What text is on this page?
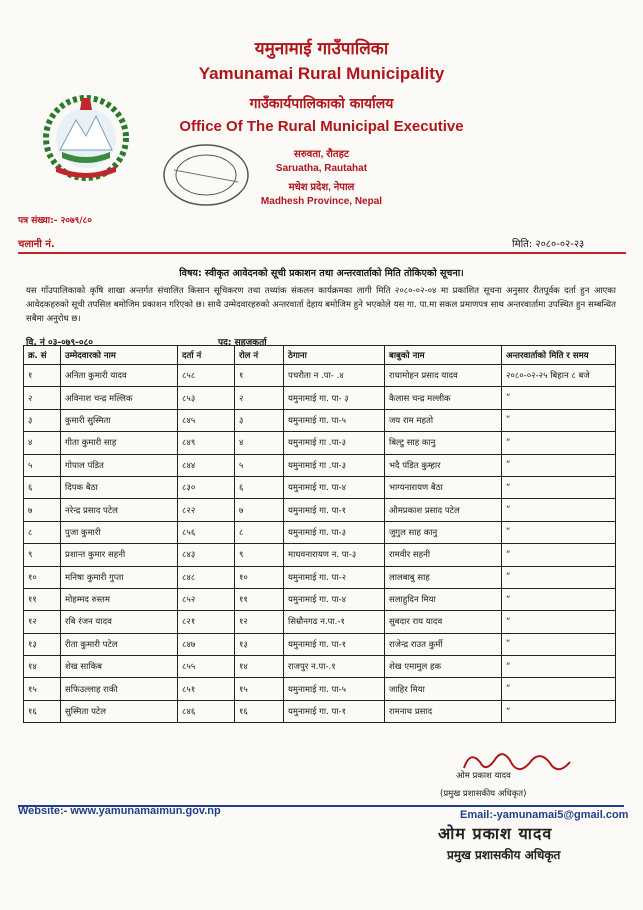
यमुनामाई गाउँपालिका
Yamunamai Rural Municipality
गाउँकार्यपालिकाको कार्यालय
Office Of The Rural Municipal Executive
सरुवता, रौतहट
Saruatha, Rautahat
मधेश प्रदेश, नेपाल
Madhesh Province, Nepal
पत्र संख्या:- २०७९/८०
चलानी नं.	मिति: २०८०-०२-२३
विषय: स्वीकृत आवेदनको सूची प्रकाशन तथा अन्तरवार्ताको मिति तोकिएको सूचना।
यस गाँउपालिकाको कृषि शाखा अन्तर्गत संचालित किसान सूचिकरण तथा तथ्यांक संकलन कार्यक्रमका लागी मिति २०८०-०२-०४ मा प्रकाशित सूचना अनुसार रीतपूर्वक दर्ता हुन आएका आवेदकहरुको सूची तपसिल बमोजिम प्रकाशन गरिएको छ। साथै उम्मेदवारहरुको अन्तरवार्ता देहाय बमोजिम हुने भएकोले यस गा. पा.मा सकल प्रमाणपत्र साथ अन्तरवार्तामा उपस्थित हुन सम्बन्धित सबैमा अनुरोध छ।
वि. नं ०३-०७९-०८०	पद: सहजकर्ता
क्र. सं	उम्मेदवारको नाम	दर्ता नं	रोल नं	ठेगाना	बाबुको नाम	अन्तरवार्ताको मिति र समय
१	अनिता कुमारी यादव	८५८	१	पचरौता न .पा- .४	राधामोहन प्रसाद यादव	२०८०-०२-२५ बिहान ८ बजे
२	अविनाश चन्द्र मल्लिक	८५३	२	यमुनामाई गा. पा- ३	कैलास चन्द्र मल्लीक	“
३	कुमारी सुस्मिता	८४५	३	यमुनामाई गा. पा-५	जय राम महतो	“
४	गीता कुमारी साह	८४९	४	यमुनामाई गा .पा-३	बिल्टु साह कानु	“
५	गोपाल पंडित	८४४	५	यमुनामाई गा .पा-३	भदै पंडित कुम्हार	“
६	दिपक बैठा	८३०	६	यमुनामाई गा. पा-४	भाग्यनारायण बैठा	“
७	नरेन्द्र प्रसाद पटेल	८२२	७	यमुनामाई गा. पा-१	औमप्रकाश प्रसाद पटेल	“
८	पुजा कुमारी	८५६	८	यमुनामाई गा. पा-३	जुगुल साह कानु	“
९	प्रशान्त कुमार सहनी	८४३	९	माधवनारायण न. पा-३	रामवीर सहनी	“
१०	मनिषा कुमारी गुप्ता	८४८	१०	यमुनामाई गा. पा-२	लालबाबु साह	“
११	मोहम्मद रुस्तम	८५२	११	यमुनामाई गा. पा-४	सलाहुदिन मिया	“
१२	रबि रंजन यादव	८२१	१२	सिम्रौनगढ न.पा.-१	सुबदार राय यादव	“
१३	रीता कुमारी पटेल	८४७	१३	यमुनामाई गा. पा-१	राजेन्द्र राउत कुर्मी	“
१४	शेख साकिब	८५५	१४	राजपुर न.पा-.१	शेख एमामुल हक	“
१५	सफिउल्लाह राकी	८५१	१५	यमुनामाई गा. पा-५	जाहिर मिया	“
१६	सुस्मिता पटेल	८४६	१६	यमुनामाई गा. पा-१	रामनाथ प्रसाद	“
ओम प्रकाश यादव
(प्रमुख प्रशासकीय अधिकृत)
Website:- www.yamunamaimun.gov.np	Email:-yamunamai5@gmail.com
ओम प्रकाश यादव
प्रमुख प्रशासकीय अधिकृत
